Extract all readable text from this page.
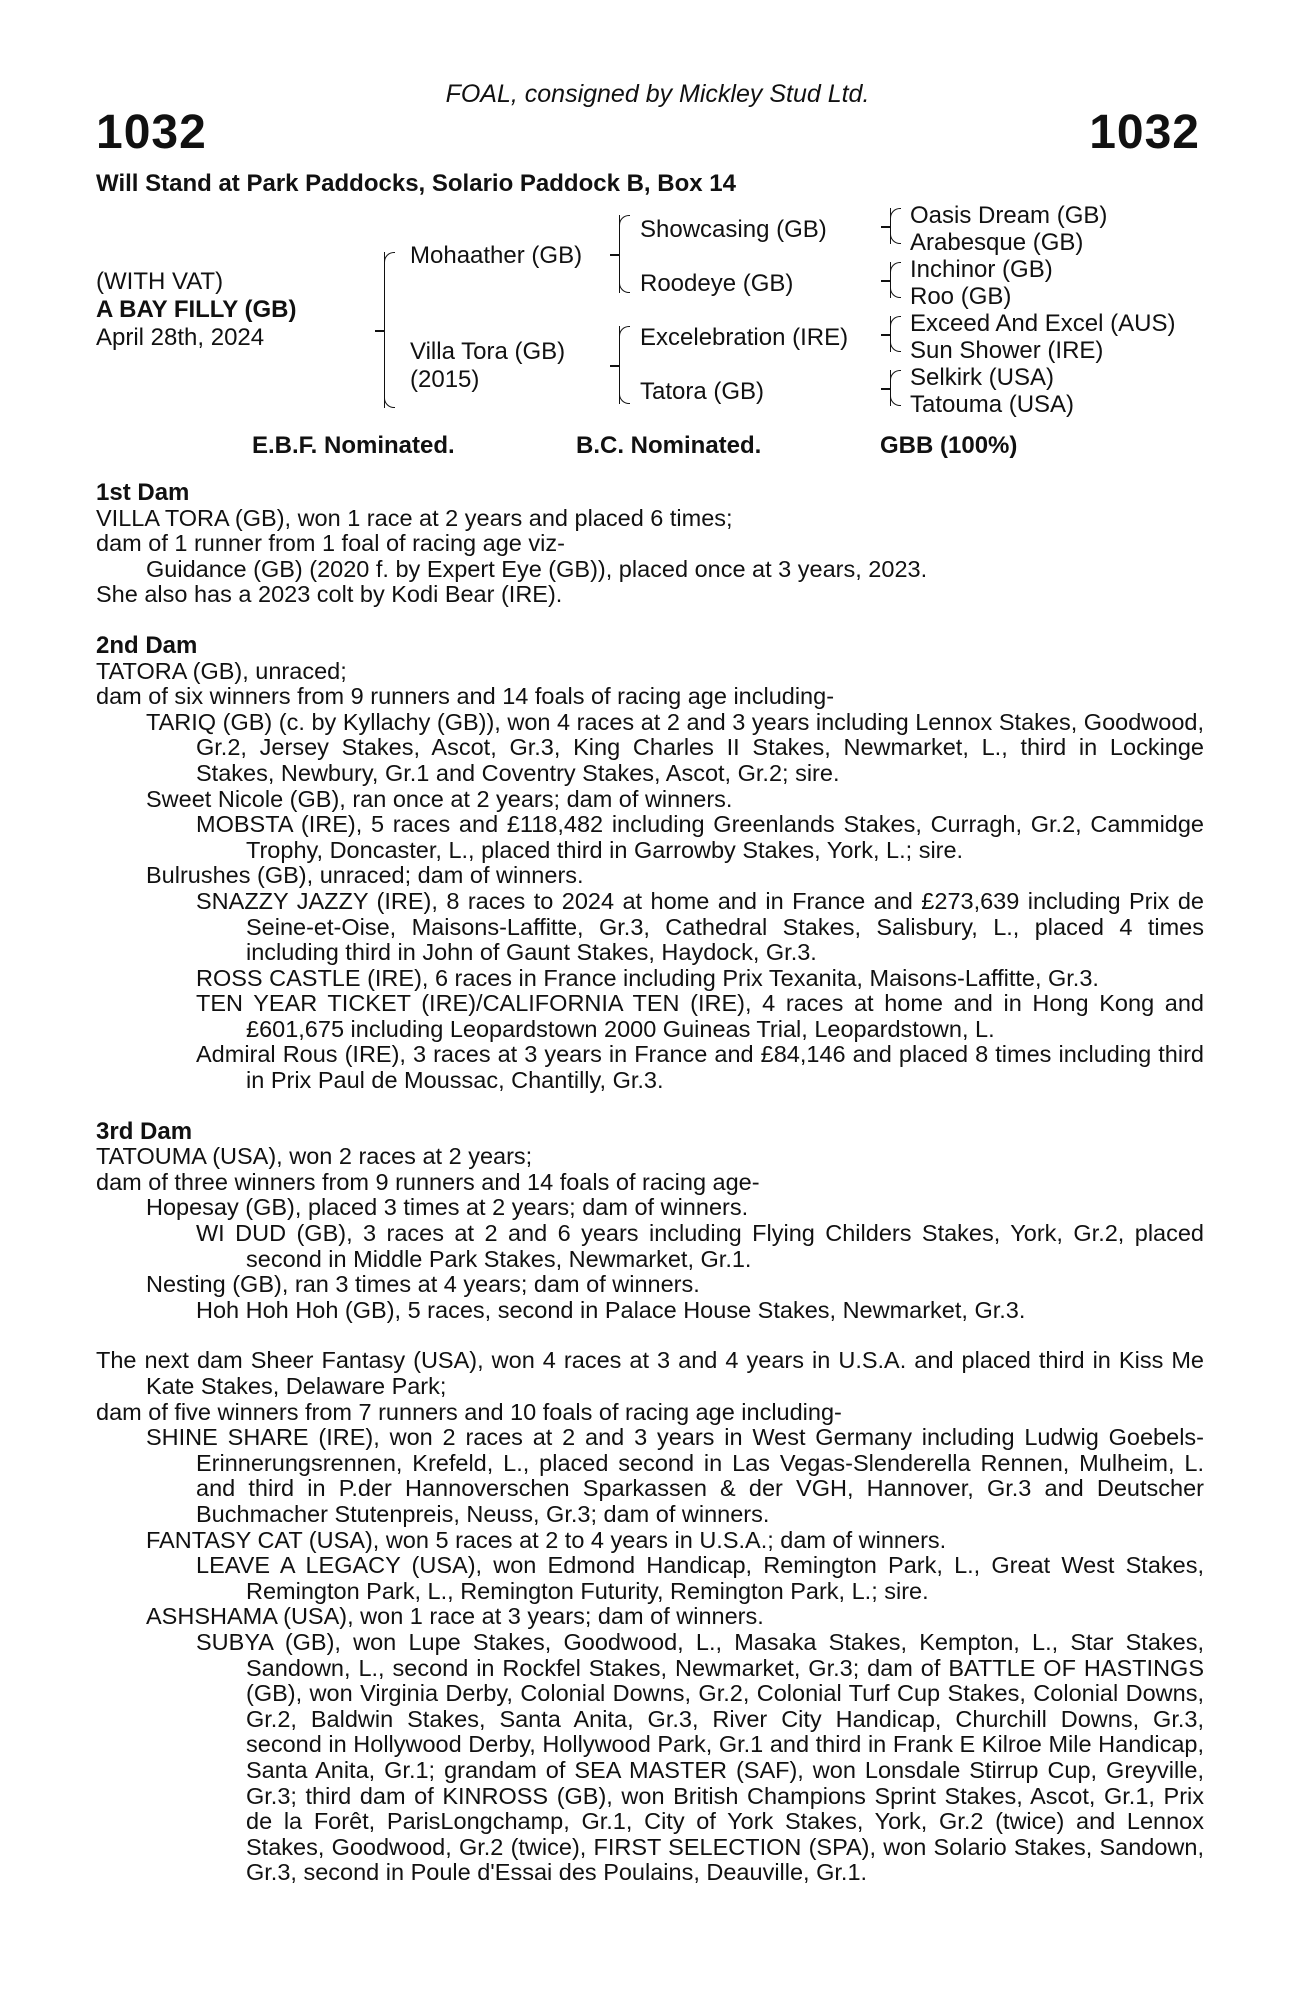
FOAL, consigned by Mickley Stud Ltd.
1032	1032
Will Stand at Park Paddocks, Solario Paddock B, Box 14
(WITH VAT)
A BAY FILLY (GB)
April 28th, 2024
Mohaather (GB)
Villa Tora (GB)
(2015)
Showcasing (GB)
Roodeye (GB)
Excelebration (IRE)
Tatora (GB)
Oasis Dream (GB)
Arabesque (GB)
Inchinor (GB)
Roo (GB)
Exceed And Excel (AUS)
Sun Shower (IRE)
Selkirk (USA)
Tatouma (USA)
E.B.F. Nominated.	B.C. Nominated.	GBB (100%)
1st Dam
VILLA TORA (GB), won 1 race at 2 years and placed 6 times;
dam of 1 runner from 1 foal of racing age viz-
Guidance (GB) (2020 f. by Expert Eye (GB)), placed once at 3 years, 2023.
She also has a 2023 colt by Kodi Bear (IRE).
2nd Dam
TATORA (GB), unraced;
dam of six winners from 9 runners and 14 foals of racing age including-
TARIQ (GB) (c. by Kyllachy (GB)), won 4 races at 2 and 3 years including Lennox Stakes, Goodwood, Gr.2, Jersey Stakes, Ascot, Gr.3, King Charles II Stakes, Newmarket, L., third in Lockinge Stakes, Newbury, Gr.1 and Coventry Stakes, Ascot, Gr.2; sire.
Sweet Nicole (GB), ran once at 2 years; dam of winners.
MOBSTA (IRE), 5 races and £118,482 including Greenlands Stakes, Curragh, Gr.2, Cammidge Trophy, Doncaster, L., placed third in Garrowby Stakes, York, L.; sire.
Bulrushes (GB), unraced; dam of winners.
SNAZZY JAZZY (IRE), 8 races to 2024 at home and in France and £273,639 including Prix de Seine-et-Oise, Maisons-Laffitte, Gr.3, Cathedral Stakes, Salisbury, L., placed 4 times including third in John of Gaunt Stakes, Haydock, Gr.3.
ROSS CASTLE (IRE), 6 races in France including Prix Texanita, Maisons-Laffitte, Gr.3.
TEN YEAR TICKET (IRE)/CALIFORNIA TEN (IRE), 4 races at home and in Hong Kong and £601,675 including Leopardstown 2000 Guineas Trial, Leopardstown, L.
Admiral Rous (IRE), 3 races at 3 years in France and £84,146 and placed 8 times including third in Prix Paul de Moussac, Chantilly, Gr.3.
3rd Dam
TATOUMA (USA), won 2 races at 2 years;
dam of three winners from 9 runners and 14 foals of racing age-
Hopesay (GB), placed 3 times at 2 years; dam of winners.
WI DUD (GB), 3 races at 2 and 6 years including Flying Childers Stakes, York, Gr.2, placed second in Middle Park Stakes, Newmarket, Gr.1.
Nesting (GB), ran 3 times at 4 years; dam of winners.
Hoh Hoh Hoh (GB), 5 races, second in Palace House Stakes, Newmarket, Gr.3.
The next dam Sheer Fantasy (USA), won 4 races at 3 and 4 years in U.S.A. and placed third in Kiss Me Kate Stakes, Delaware Park;
dam of five winners from 7 runners and 10 foals of racing age including-
SHINE SHARE (IRE), won 2 races at 2 and 3 years in West Germany including Ludwig Goebels-Erinnerungsrennen, Krefeld, L., placed second in Las Vegas-Slenderella Rennen, Mulheim, L. and third in P.der Hannoverschen Sparkassen & der VGH, Hannover, Gr.3 and Deutscher Buchmacher Stutenpreis, Neuss, Gr.3; dam of winners.
FANTASY CAT (USA), won 5 races at 2 to 4 years in U.S.A.; dam of winners.
LEAVE A LEGACY (USA), won Edmond Handicap, Remington Park, L., Great West Stakes, Remington Park, L., Remington Futurity, Remington Park, L.; sire.
ASHSHAMA (USA), won 1 race at 3 years; dam of winners.
SUBYA (GB), won Lupe Stakes, Goodwood, L., Masaka Stakes, Kempton, L., Star Stakes, Sandown, L., second in Rockfel Stakes, Newmarket, Gr.3; dam of BATTLE OF HASTINGS (GB), won Virginia Derby, Colonial Downs, Gr.2, Colonial Turf Cup Stakes, Colonial Downs, Gr.2, Baldwin Stakes, Santa Anita, Gr.3, River City Handicap, Churchill Downs, Gr.3, second in Hollywood Derby, Hollywood Park, Gr.1 and third in Frank E Kilroe Mile Handicap, Santa Anita, Gr.1; grandam of SEA MASTER (SAF), won Lonsdale Stirrup Cup, Greyville, Gr.3; third dam of KINROSS (GB), won British Champions Sprint Stakes, Ascot, Gr.1, Prix de la Forêt, ParisLongchamp, Gr.1, City of York Stakes, York, Gr.2 (twice) and Lennox Stakes, Goodwood, Gr.2 (twice), FIRST SELECTION (SPA), won Solario Stakes, Sandown, Gr.3, second in Poule d'Essai des Poulains, Deauville, Gr.1.
